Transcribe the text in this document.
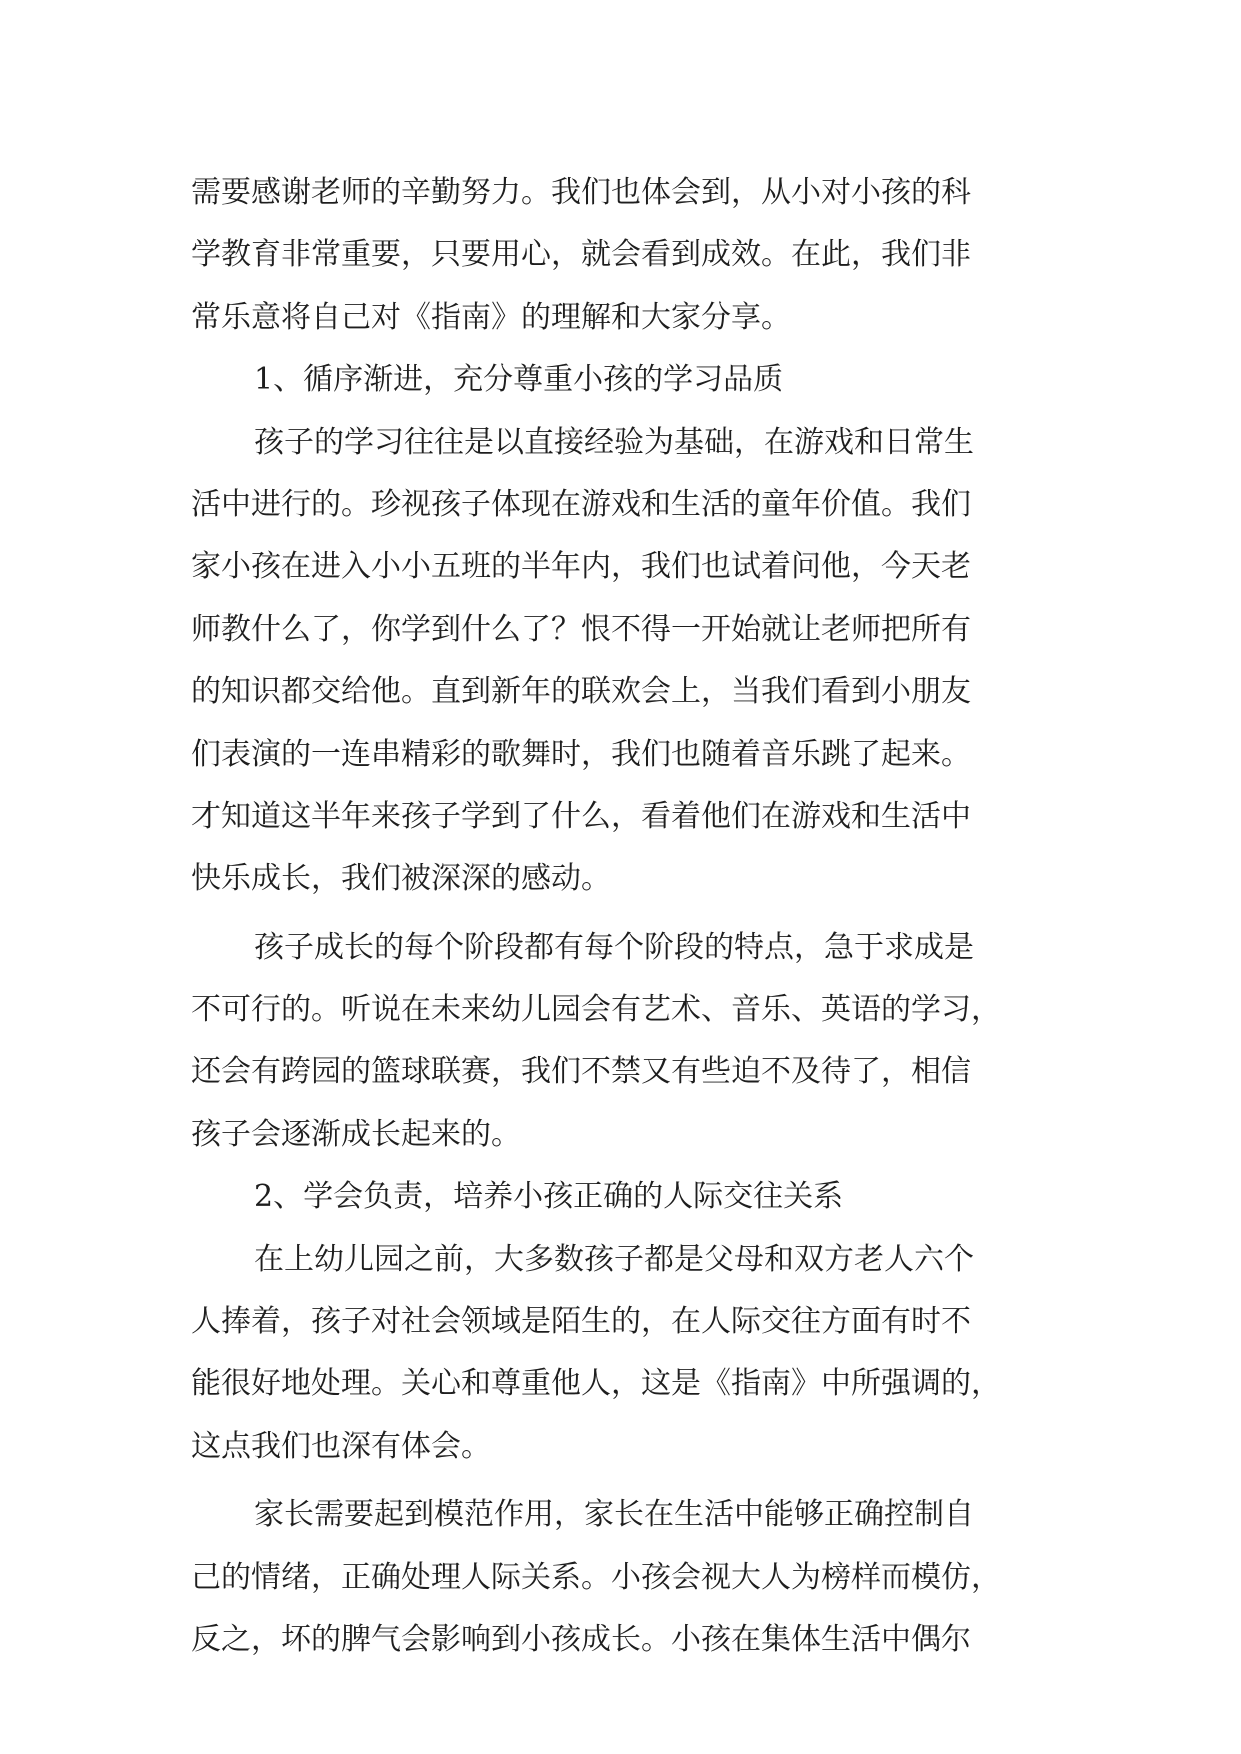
需要感谢老师的辛勤努力。我们也体会到，从小对小孩的科
学教育非常重要，只要用心，就会看到成效。在此，我们非
常乐意将自己对《指南》的理解和大家分享。
1、循序渐进，充分尊重小孩的学习品质
孩子的学习往往是以直接经验为基础，在游戏和日常生
活中进行的。珍视孩子体现在游戏和生活的童年价值。我们
家小孩在进入小小五班的半年内，我们也试着问他，今天老
师教什么了，你学到什么了？恨不得一开始就让老师把所有
的知识都交给他。直到新年的联欢会上，当我们看到小朋友
们表演的一连串精彩的歌舞时，我们也随着音乐跳了起来。
才知道这半年来孩子学到了什么，看着他们在游戏和生活中
快乐成长，我们被深深的感动。
孩子成长的每个阶段都有每个阶段的特点，急于求成是
不可行的。听说在未来幼儿园会有艺术、音乐、英语的学习，
还会有跨园的篮球联赛，我们不禁又有些迫不及待了，相信
孩子会逐渐成长起来的。
2、学会负责，培养小孩正确的人际交往关系
在上幼儿园之前，大多数孩子都是父母和双方老人六个
人捧着，孩子对社会领域是陌生的，在人际交往方面有时不
能很好地处理。关心和尊重他人，这是《指南》中所强调的，
这点我们也深有体会。
家长需要起到模范作用，家长在生活中能够正确控制自
己的情绪，正确处理人际关系。小孩会视大人为榜样而模仿，
反之，坏的脾气会影响到小孩成长。小孩在集体生活中偶尔
